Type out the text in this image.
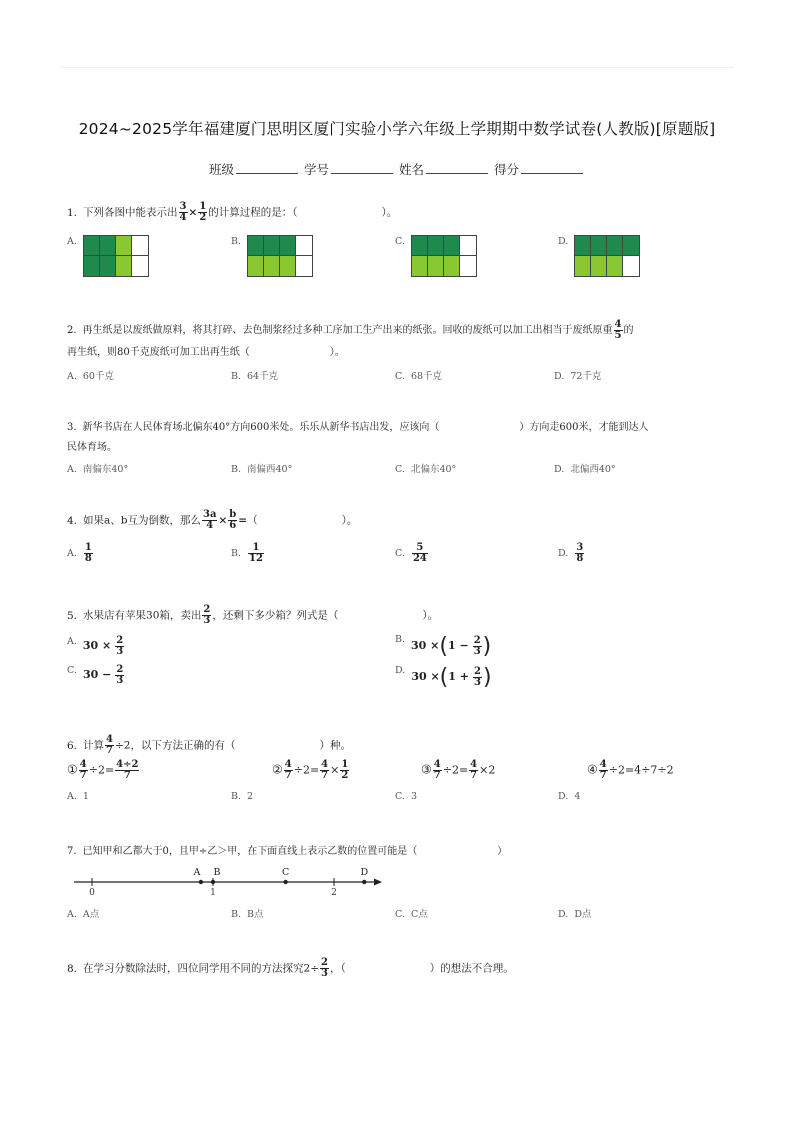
2024~2025学年福建厦门思明区厦门实验小学六年级上学期期中数学试卷(人教版)[原题版]
班级	学号	姓名	得分
1. 下列各图中能表示出 $\frac{3}{4} \times \frac{1}{2}$ 的计算过程的是：（　　　　　　　　）。
A.	B.	C.	D.
2. 再生纸是以废纸做原料，将其打碎、去色制浆经过多种工序加工生产出来的纸张。回收的废纸可以加工出相当于废纸原重 $\frac{4}{5}$ 的
再生纸，则80千克废纸可加工出再生纸（　　　　　　　　）。
A. 60千克	B. 64千克	C. 68千克	D. 72千克
3. 新华书店在人民体育场北偏东40°方向600米处。乐乐从新华书店出发，应该向（　　　　　　　　）方向走600米，才能到达人
民体育场。
A. 南偏东40°	B. 南偏西40°	C. 北偏东40°	D. 北偏西40°
4. 如果a、b互为倒数，那么 $\frac{3a}{4} \times \frac{b}{6}$ =（　　　　　　　　）。
A. $\frac{1}{8}$	B. $\frac{1}{12}$	C. $\frac{5}{24}$	D. $\frac{3}{8}$
5. 水果店有苹果30箱，卖出 $\frac{2}{3}$ ，还剩下多少箱？列式是（　　　　　　　　）。
A. $30 \times \frac{2}{3}$
C. $30 - \frac{2}{3}$
B. $30 \times(1 - \frac{2}{3}$ )
D. $30 \times(1 + \frac{2}{3}$ )
6. 计算 $\frac{4}{7} \div 2$，以下方法正确的有（　　　　　　　　）种。
① $\frac{4}{7} \div 2= \frac{4\div 2}{7}$	② $\frac{4}{7} \div 2= \frac{4}{7} \times \frac{1}{2}$	③ $\frac{4}{7} \div 2= \frac{4}{7} \times 2$	④ $\frac{4}{7} \div 2=4\div 7\div 2$
A. 1	B. 2	C. 3	D. 4
7. 已知甲和乙都大于0，且甲÷乙＞甲，在下面直线上表示乙数的位置可能是（　　　　　　　　）
0	1	2
A B	C	D
A. A点	B. B点	C. C点	D. D点
8. 在学习分数除法时，四位同学用不同的方法探究$2\div \frac{2}{3}$ ，（　　　　　　　　）的想法不合理。
